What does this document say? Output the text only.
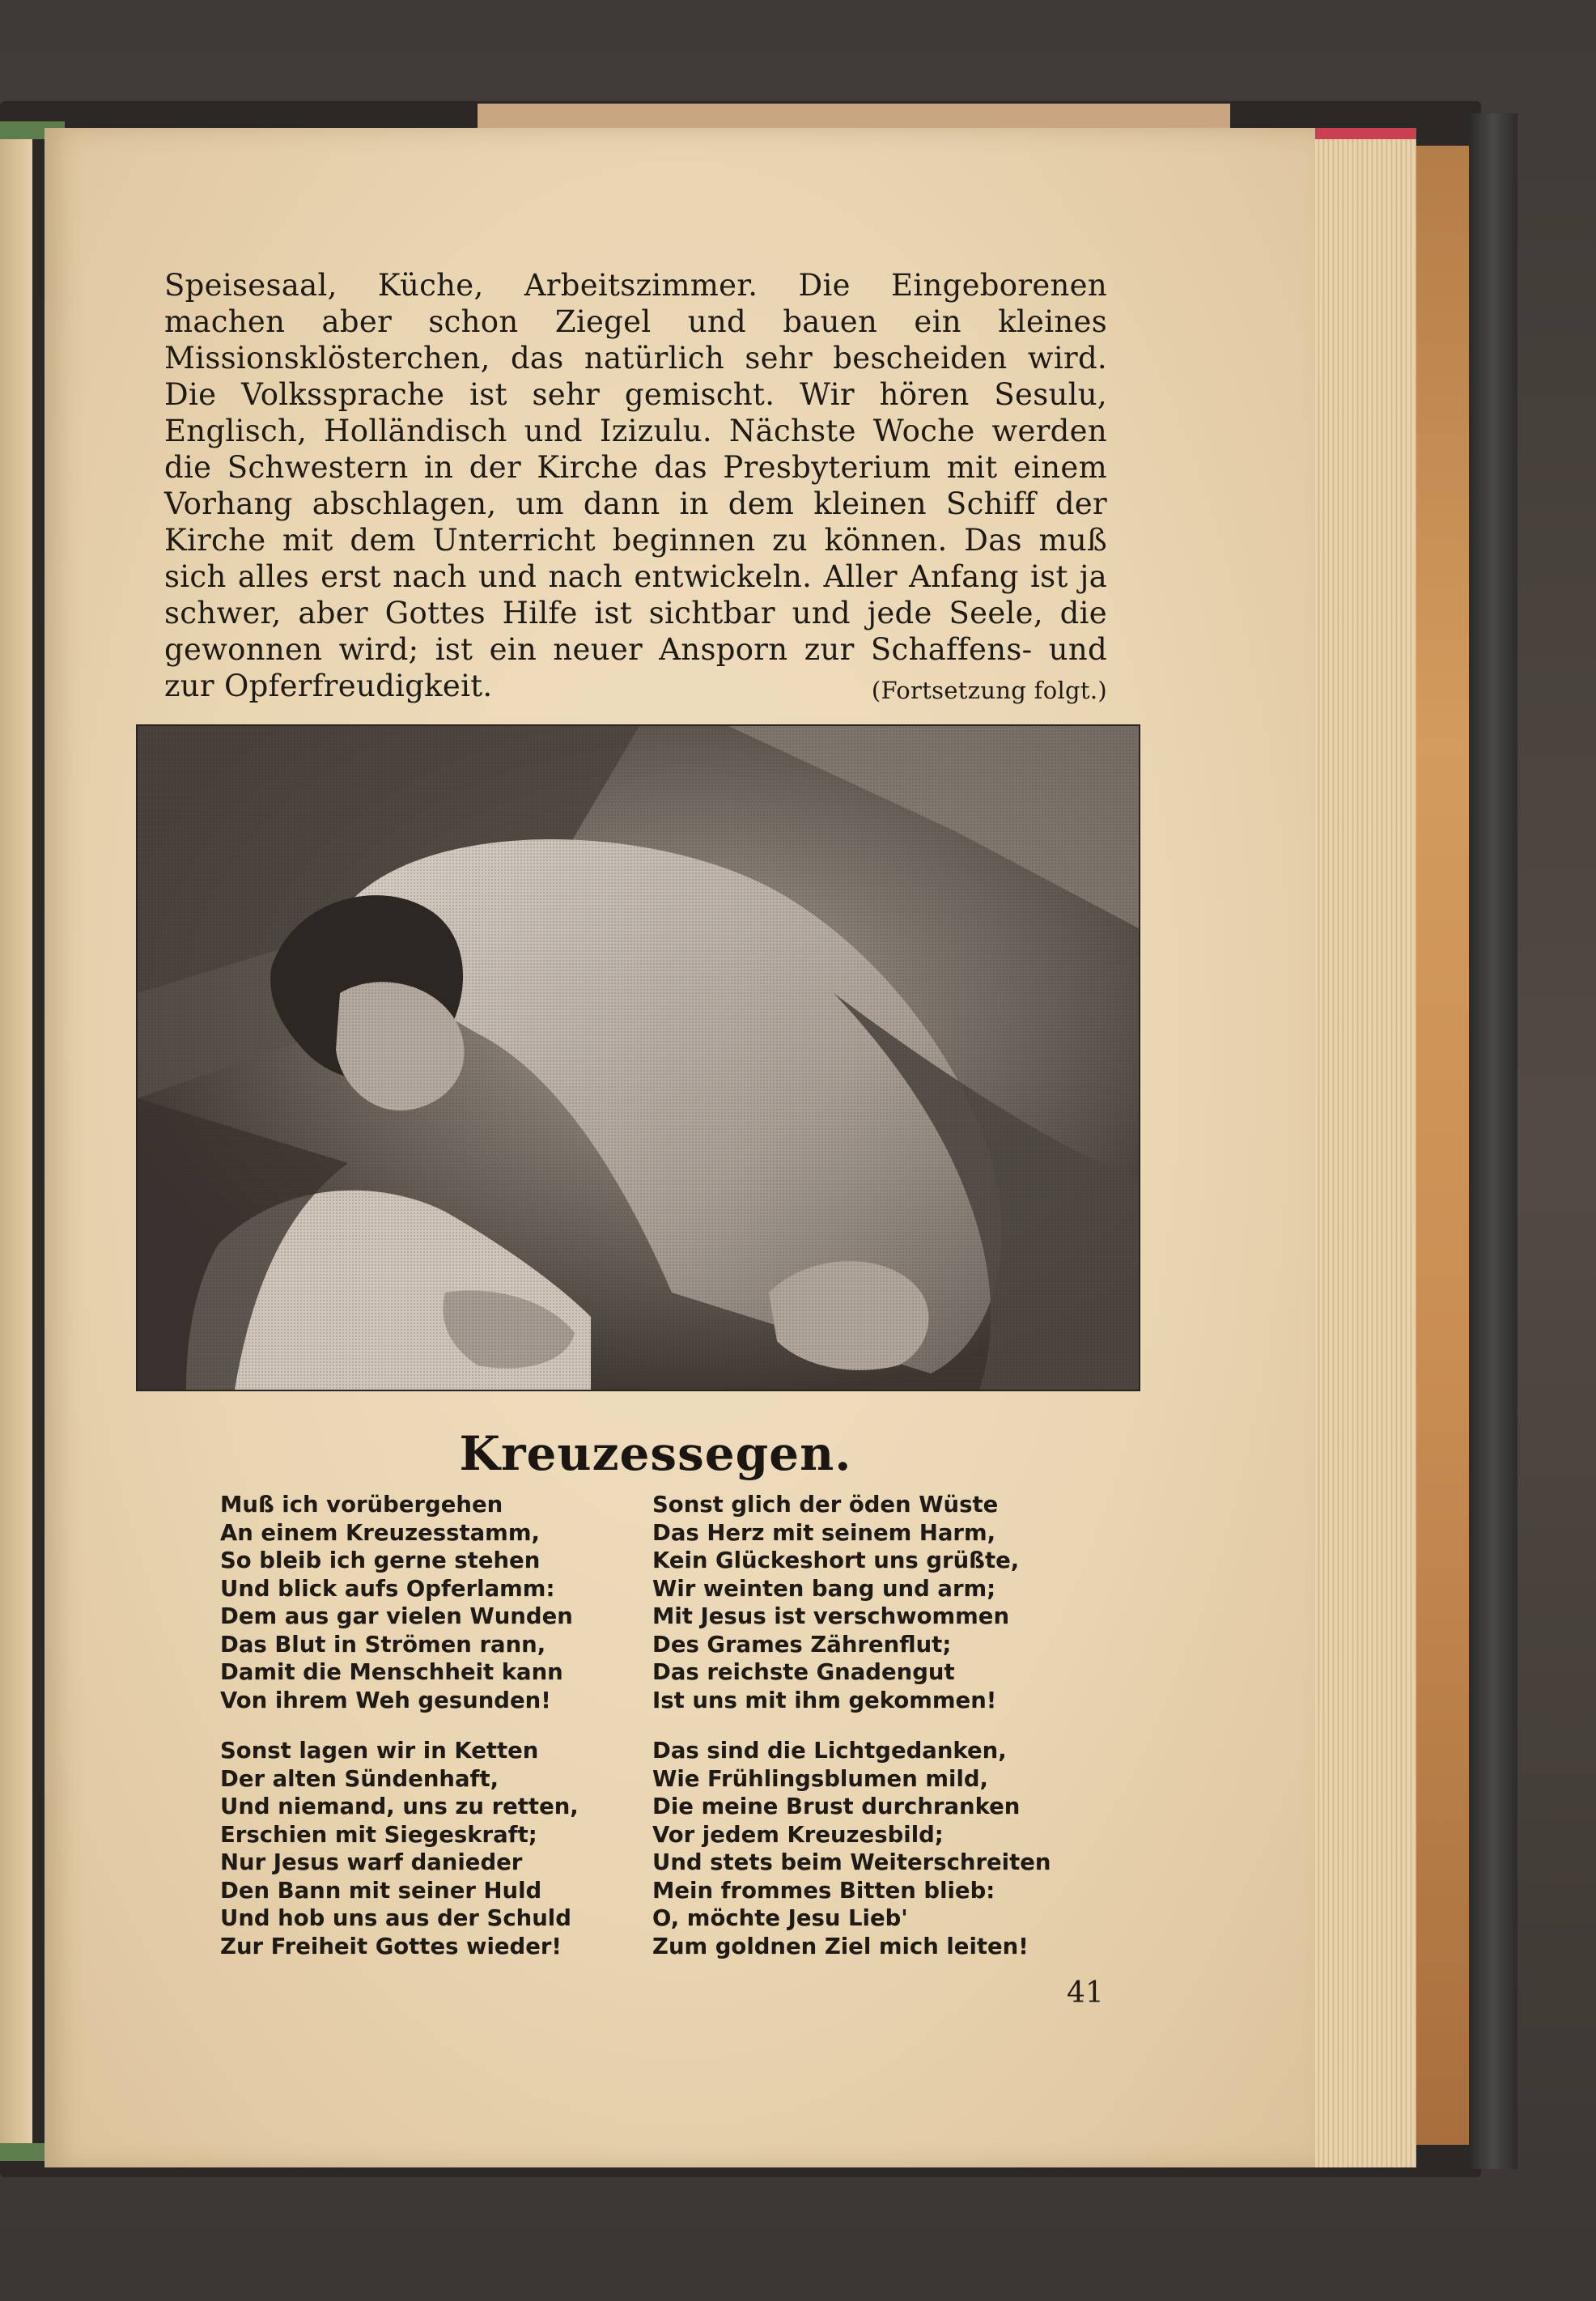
Speisesaal, Küche, Arbeitszimmer. Die Eingeborenen machen aber schon Ziegel und bauen ein kleines Missionsklösterchen, das natürlich sehr bescheiden wird. Die Volkssprache ist sehr gemischt. Wir hören Sesulu, Englisch, Holländisch und Izizulu. Nächste Woche werden die Schwestern in der Kirche das Presbyterium mit einem Vorhang abschlagen, um dann in dem kleinen Schiff der Kirche mit dem Unterricht beginnen zu können. Das muß sich alles erst nach und nach entwickeln. Aller Anfang ist ja schwer, aber Gottes Hilfe ist sichtbar und jede Seele, die gewonnen wird; ist ein neuer Ansporn zur Schaffens- und zur Opferfreudigkeit.	(Fortsetzung folgt.)

Kreuzessegen.
Muß ich vorübergehen
An einem Kreuzesstamm,
So bleib ich gerne stehen
Und blick aufs Opferlamm:
Dem aus gar vielen Wunden
Das Blut in Strömen rann,
Damit die Menschheit kann
Von ihrem Weh gesunden!
Sonst glich der öden Wüste
Das Herz mit seinem Harm,
Kein Glückeshort uns grüßte,
Wir weinten bang und arm;
Mit Jesus ist verschwommen
Des Grames Zährenflut;
Das reichste Gnadengut
Ist uns mit ihm gekommen!
Sonst lagen wir in Ketten
Der alten Sündenhaft,
Und niemand, uns zu retten,
Erschien mit Siegeskraft;
Nur Jesus warf danieder
Den Bann mit seiner Huld
Und hob uns aus der Schuld
Zur Freiheit Gottes wieder!
Das sind die Lichtgedanken,
Wie Frühlingsblumen mild,
Die meine Brust durchranken
Vor jedem Kreuzesbild;
Und stets beim Weiterschreiten
Mein frommes Bitten blieb:
O, möchte Jesu Lieb'
Zum goldnen Ziel mich leiten!
41
